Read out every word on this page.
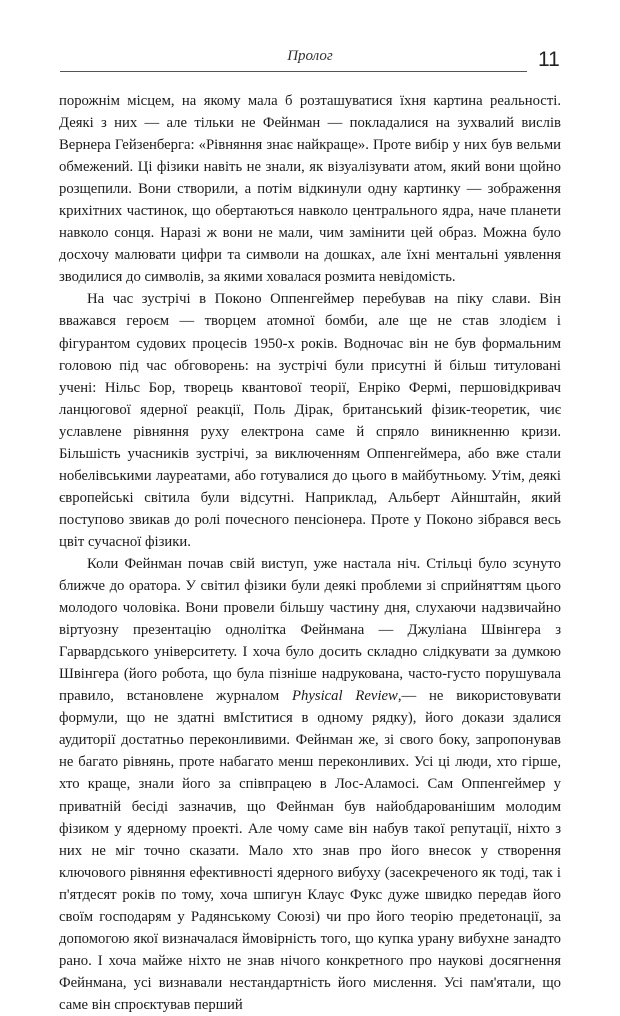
Пролог	11

порожнім місцем, на якому мала б розташуватися їхня картина реальності. Деякі з них — але тільки не Фейнман — покладалися на зухвалий вислів Вернера Гейзенберга: «Рівняння знає найкраще». Проте вибір у них був вельми обмежений. Ці фізики навіть не знали, як візуалізувати атом, який вони щойно розщепили. Вони створили, а потім відкинули одну картинку — зображення крихітних частинок, що обертаються навколо центрального ядра, наче планети навколо сонця. Наразі ж вони не мали, чим замінити цей образ. Можна було досхочу малювати цифри та символи на дошках, але їхні ментальні уявлення зводилися до символів, за якими ховалася розмита невідомість.

На час зустрічі в Поконо Оппенгеймер перебував на піку слави. Він вважався героєм — творцем атомної бомби, але ще не став злодієм і фігурантом судових процесів 1950-х років. Водночас він не був формальним головою під час обговорень: на зустрічі були присутні й більш титуловані учені: Нільс Бор, творець квантової теорії, Енріко Фермі, першовідкривач ланцюгової ядерної реакції, Поль Дірак, британський фізик-теоретик, чиє уславлене рівняння руху електрона саме й спряло виникненню кризи. Більшість учасників зустрічі, за виключенням Оппенгеймера, або вже стали нобелівськими лауреатами, або готувалися до цього в майбутньому. Утім, деякі європейські світила були відсутні. Наприклад, Альберт Айнштайн, який поступово звикав до ролі почесного пенсіонера. Проте у Поконо зібрався весь цвіт сучасної фізики.

Коли Фейнман почав свій виступ, уже настала ніч. Стільці було зсунуто ближче до оратора. У світил фізики були деякі проблеми зі сприйняттям цього молодого чоловіка. Вони провели більшу частину дня, слухаючи надзвичайно віртуозну презентацію однолітка Фейнмана — Джуліана Швінгера з Гарвардського університету. І хоча було досить складно слідкувати за думкою Швінгера (його робота, що була пізніше надрукована, часто-густо порушувала правило, встановлене журналом Physical Review,— не використовувати формули, що не здатні вмІститися в одному рядку), його докази здалися аудиторії достатньо переконливими. Фейнман же, зі свого боку, запропонував не багато рівнянь, проте набагато менш переконливих. Усі ці люди, хто гірше, хто краще, знали його за співпрацею в Лос-Аламосі. Сам Оппенгеймер у приватній бесіді зазначив, що Фейнман був найобдарованішим молодим фізиком у ядерному проекті. Але чому саме він набув такої репутації, ніхто з них не міг точно сказати. Мало хто знав про його внесок у створення ключового рівняння ефективності ядерного вибуху (засекреченого як тоді, так і п'ятдесят років по тому, хоча шпигун Клаус Фукс дуже швидко передав його своїм господарям у Радянському Союзі) чи про його теорію предетонації, за допомогою якої визначалася ймовірність того, що купка урану вибухне занадто рано. І хоча майже ніхто не знав нічого конкретного про наукові досягнення Фейнмана, усі визнавали нестандартність його мислення. Усі пам'ятали, що саме він спроєктував перший
